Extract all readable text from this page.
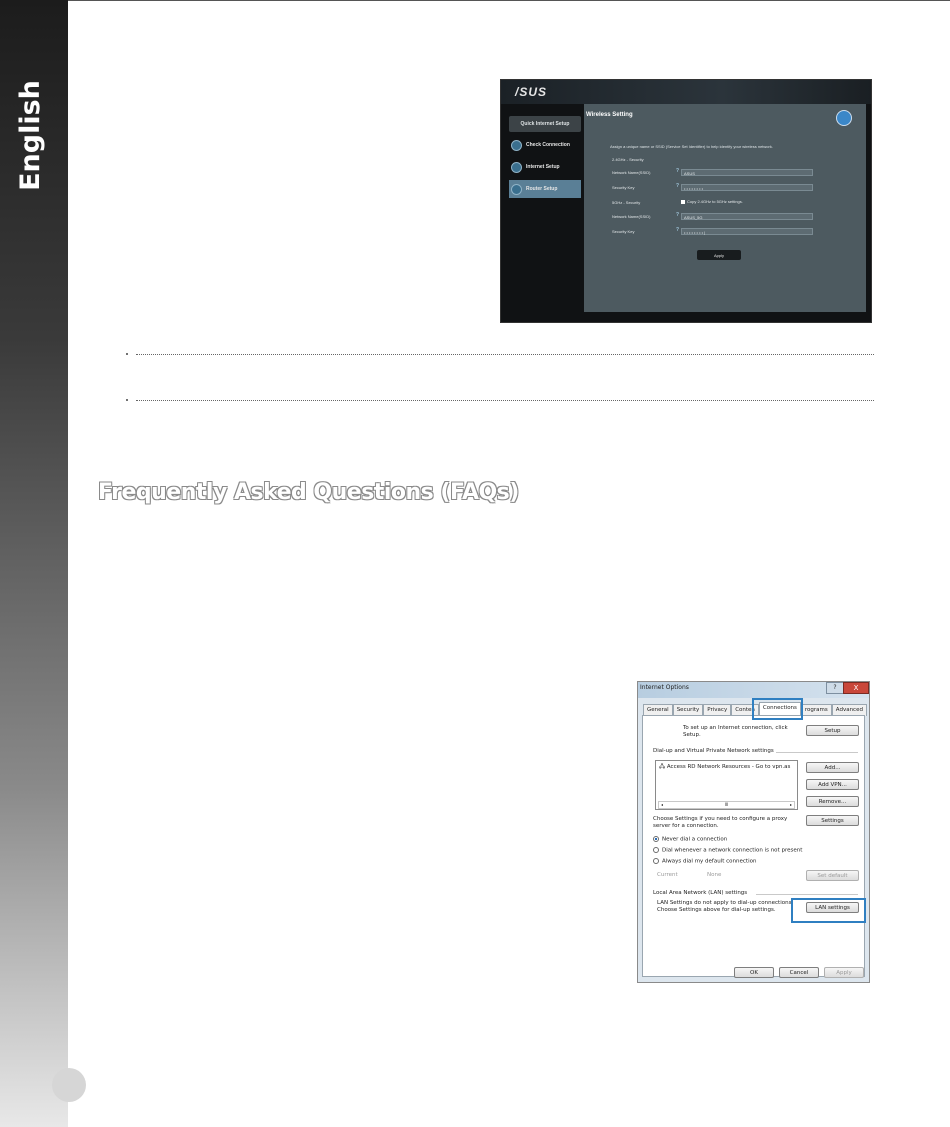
English	/SUS
Quick Internet Setup
Check Connection
Internet Setup
Router Setup
Wireless Setting
Assign a unique name or SSID (Service Set Identifier) to help identify your wireless network.
2.4GHz - Security
Network Name(SSID)	?	ASUS
Security Key	?	• • • • • • • •
5GHz - Security	Copy 2.4GHz to 5GHz settings.
Network Name(SSID)	?	ASUS_5G
Security Key	?	• • • • • • • • |
Apply
Frequently Asked Questions (FAQs)
Internet Options	?	X
General	Security	Privacy	Conten	Connections	rograms	Advanced
To set up an Internet connection, click
Setup.
Setup
Dial-up and Virtual Private Network settings
🖧 Access RD Network Resources - Go to vpn.as
◂	III	▸
Add...
Add VPN...
Remove...
Choose Settings if you need to configure a proxy
server for a connection.
Settings
Never dial a connection
Dial whenever a network connection is not present
Always dial my default connection
Current	None	Set default
Local Area Network (LAN) settings
LAN Settings do not apply to dial-up connections.
Choose Settings above for dial-up settings.	LAN settings
OK	Cancel	Apply
